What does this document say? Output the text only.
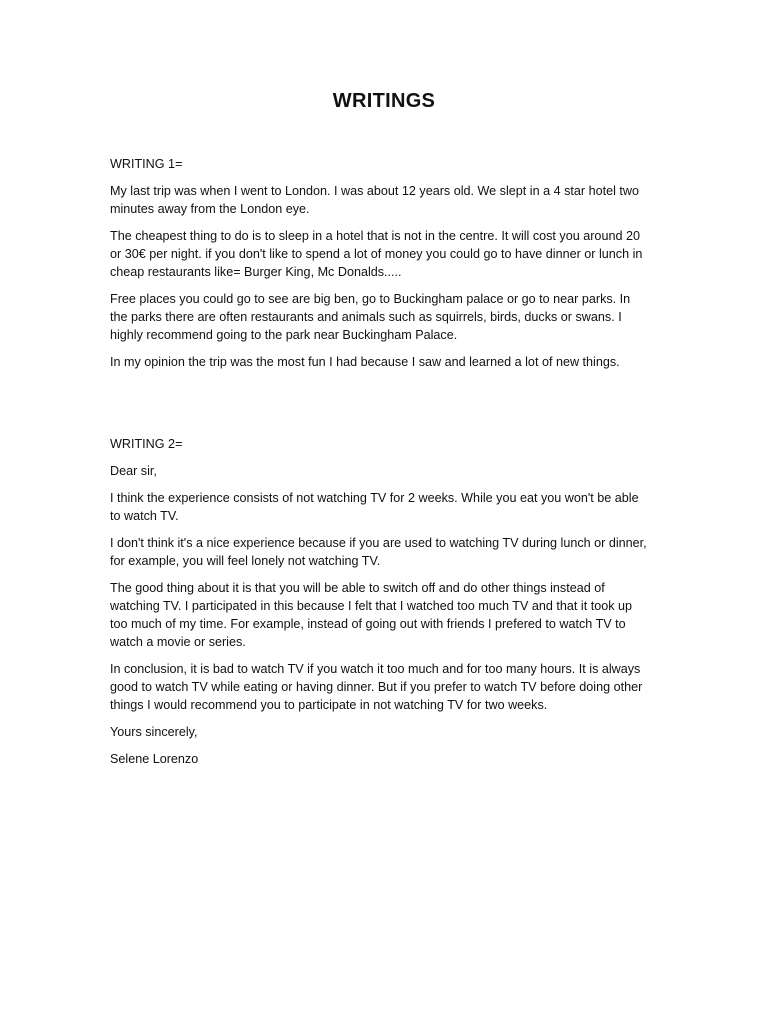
WRITINGS
WRITING 1=

My last trip was when I went to London. I was about 12 years old. We slept in a 4 star hotel two minutes away from the London eye.

The cheapest thing to do is to sleep in a hotel that is not in the centre. It will cost you around 20 or 30€ per night. if you don't like to spend a lot of money you could go to have dinner or lunch in cheap restaurants like= Burger King, Mc Donalds.....

Free places you could go to see are big ben, go to Buckingham palace or go to near parks. In the parks there are often restaurants and animals such as squirrels, birds, ducks or swans. I highly recommend going to the park near Buckingham Palace.

In my opinion the trip was the most fun I had because I saw and learned a lot of new things.

WRITING 2=

Dear sir,

I think the experience consists of not watching TV for 2 weeks. While you eat you won't be able to watch TV.

I don't think it's a nice experience because if you are used to watching TV during lunch or dinner, for example, you will feel lonely not watching TV.

The good thing about it is that you will be able to switch off and do other things instead of watching TV. I participated in this because I felt that I watched too much TV and that it took up too much of my time. For example, instead of going out with friends I prefered to watch TV to watch a movie or series.

In conclusion, it is bad to watch TV if you watch it too much and for too many hours. It is always good to watch TV while eating or having dinner. But if you prefer to watch TV before doing other things I would recommend you to participate in not watching TV for two weeks.

Yours sincerely,

Selene Lorenzo
